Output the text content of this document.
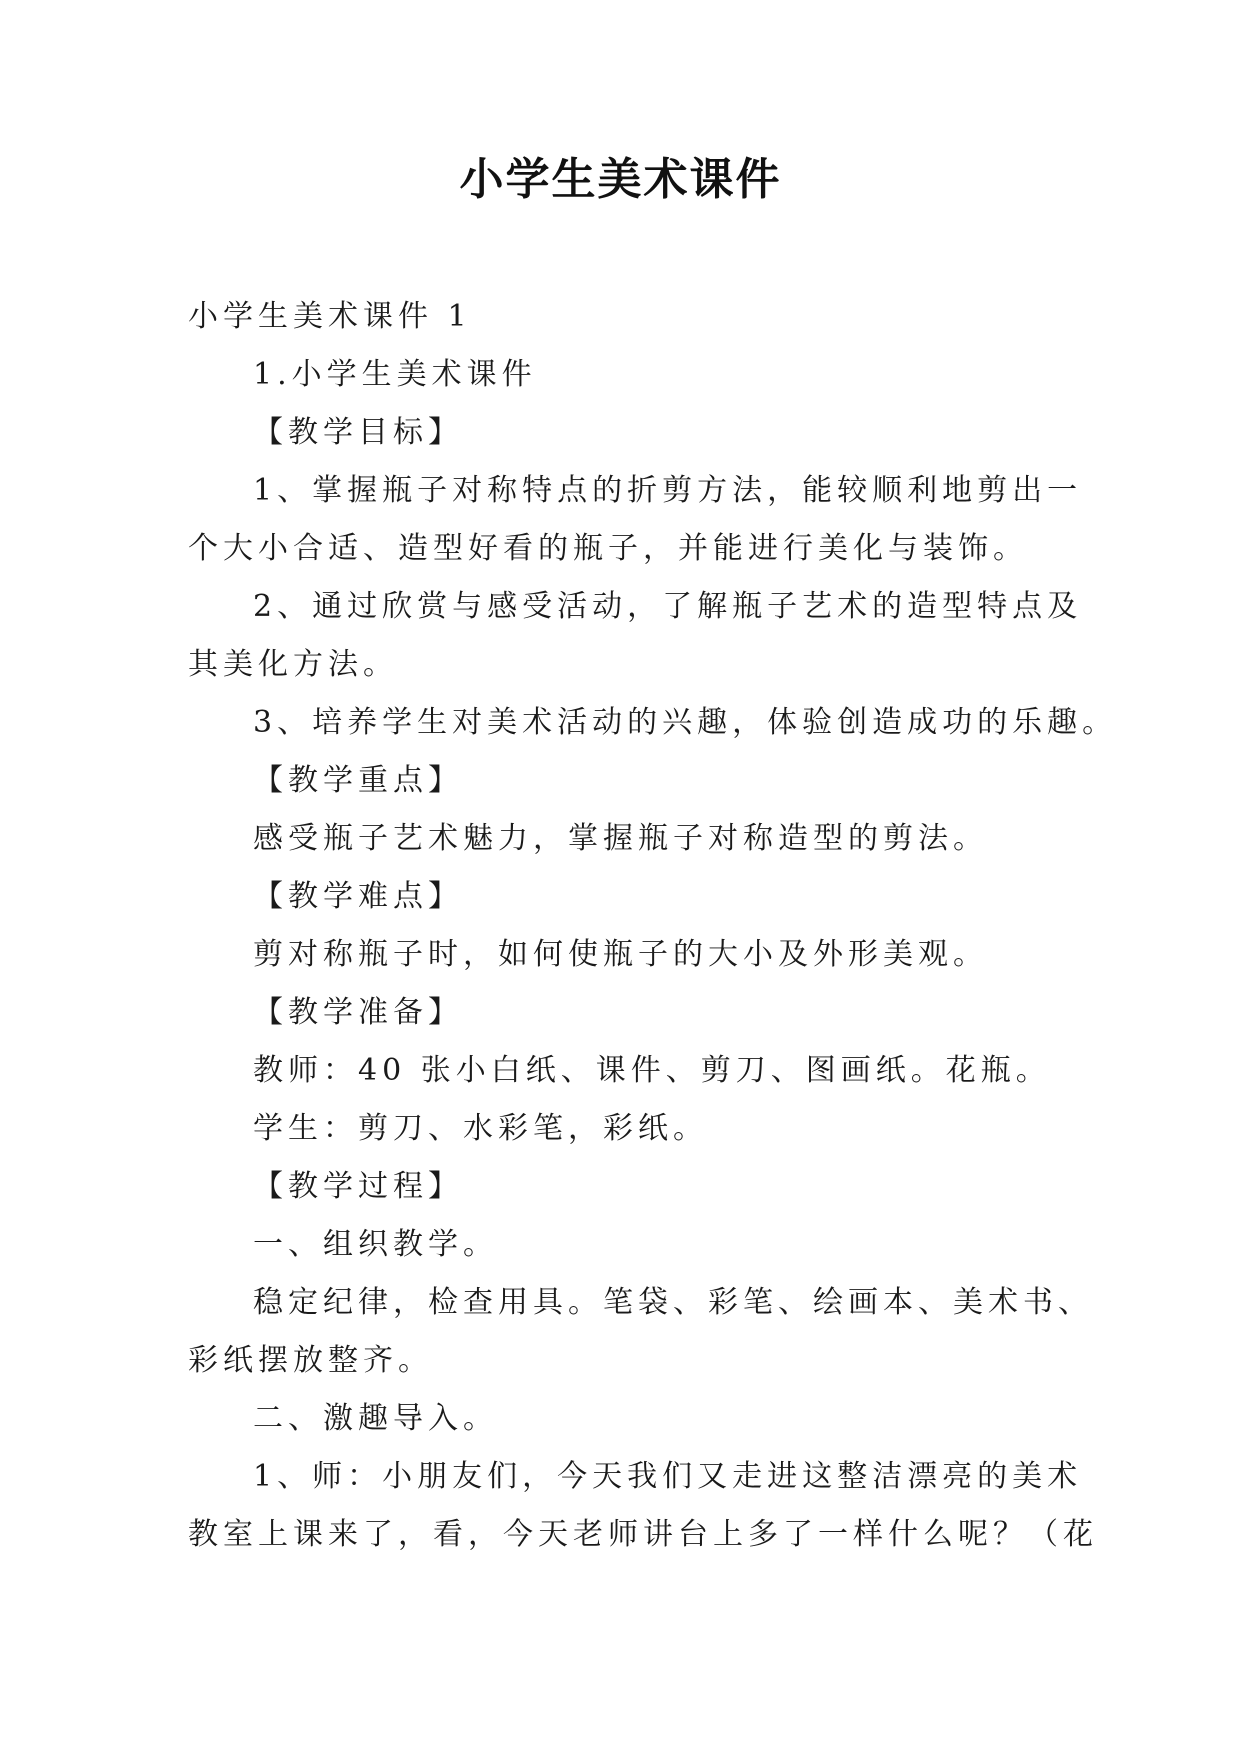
小学生美术课件
小学生美术课件 1
1.小学生美术课件
【教学目标】
1、掌握瓶子对称特点的折剪方法，能较顺利地剪出一
个大小合适、造型好看的瓶子，并能进行美化与装饰。
2、通过欣赏与感受活动，了解瓶子艺术的造型特点及
其美化方法。
3、培养学生对美术活动的兴趣，体验创造成功的乐趣。
【教学重点】
感受瓶子艺术魅力，掌握瓶子对称造型的剪法。
【教学难点】
剪对称瓶子时，如何使瓶子的大小及外形美观。
【教学准备】
教师：40 张小白纸、课件、剪刀、图画纸。花瓶。
学生：剪刀、水彩笔，彩纸。
【教学过程】
一、组织教学。
稳定纪律，检查用具。笔袋、彩笔、绘画本、美术书、
彩纸摆放整齐。
二、激趣导入。
1、师：小朋友们，今天我们又走进这整洁漂亮的美术
教室上课来了，看，今天老师讲台上多了一样什么呢？（花
